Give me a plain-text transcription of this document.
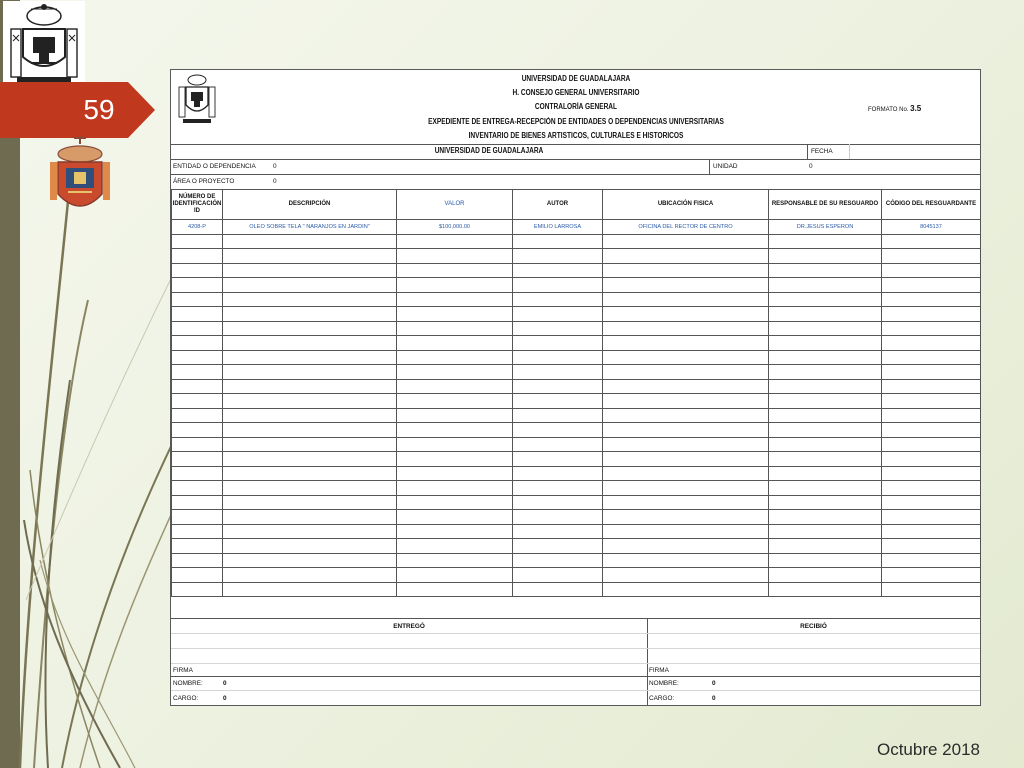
59
UNIVERSIDAD DE GUADALAJARA
H. CONSEJO GENERAL UNIVERSITARIO
CONTRALORÍA GENERAL	FORMATO No. 3.5
EXPEDIENTE DE ENTREGA-RECEPCIÓN DE ENTIDADES O DEPENDENCIAS UNIVERSITARIAS
INVENTARIO DE BIENES ARTISTICOS, CULTURALES E HISTORICOS
UNIVERSIDAD DE GUADALAJARA	FECHA
ENTIDAD O DEPENDENCIA	0	UNIDAD	0
ÁREA O PROYECTO	0
NÚMERO DE IDENTIFICACIÓN ID	DESCRIPCIÓN	VALOR	AUTOR	UBICACIÓN FISICA	RESPONSABLE DE SU RESGUARDO	CÓDIGO DEL RESGUARDANTE
4208-P	OLEO SOBRE TELA " NARANJOS EN JARDIN"	$100,000.00	EMILIO LARROSA	OFICINA DEL RECTOR DE CENTRO	DR.JESUS ESPERON	8045137

ENTREGÓ	RECIBIÓ
FIRMA	FIRMA
NOMBRE:	0	NOMBRE:	0
CARGO:	0	CARGO:	0
Octubre 2018
